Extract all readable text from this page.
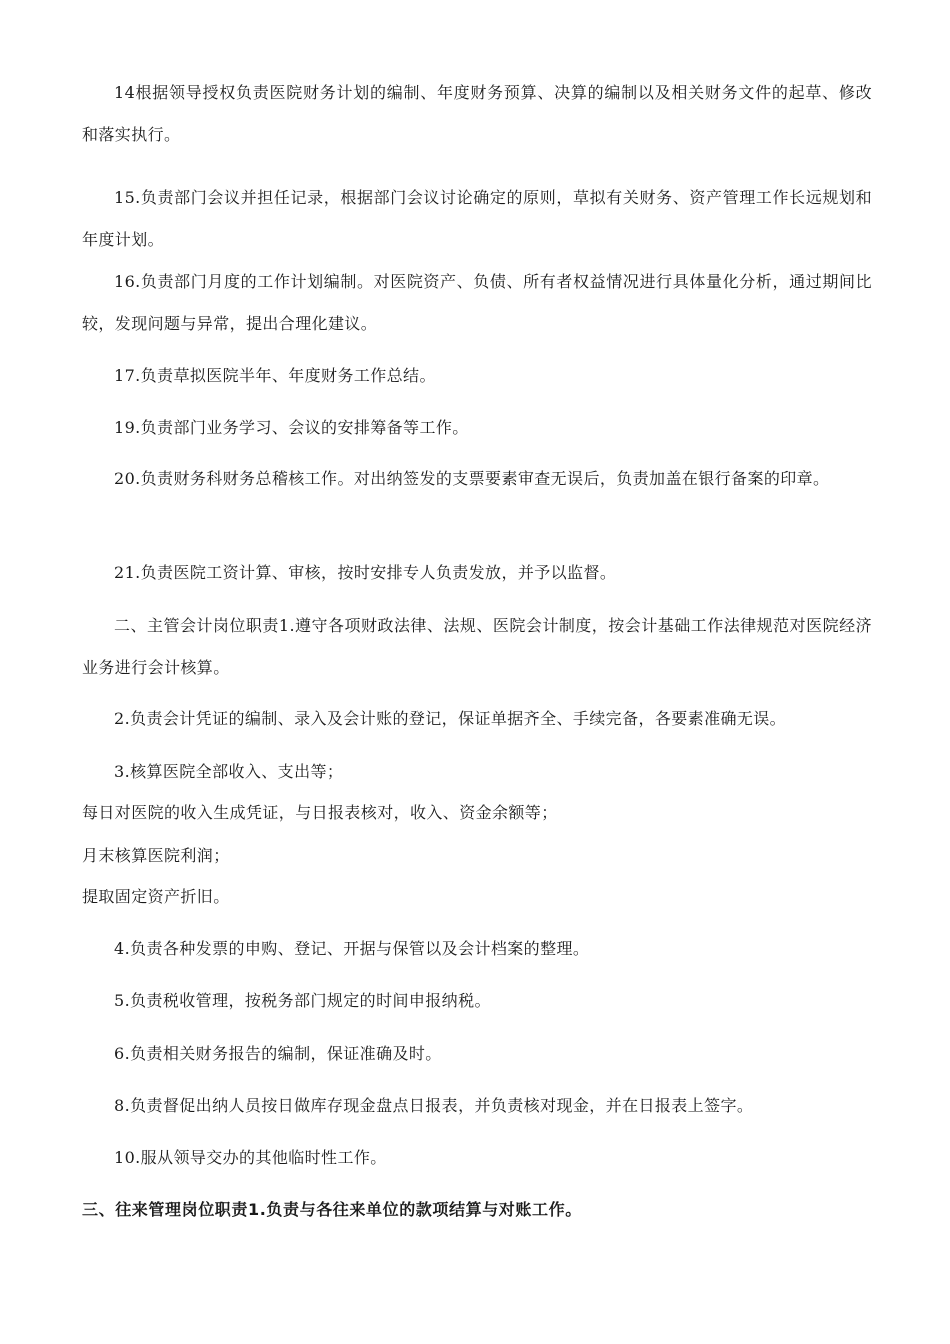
14根据领导授权负责医院财务计划的编制、年度财务预算、决算的编制以及相关财务文件的起草、修改和落实执行。

15.负责部门会议并担任记录，根据部门会议讨论确定的原则，草拟有关财务、资产管理工作长远规划和年度计划。

16.负责部门月度的工作计划编制。对医院资产、负债、所有者权益情况进行具体量化分析，通过期间比较，发现问题与异常，提出合理化建议。

17.负责草拟医院半年、年度财务工作总结。

19.负责部门业务学习、会议的安排筹备等工作。

20.负责财务科财务总稽核工作。对出纳签发的支票要素审查无误后，负责加盖在银行备案的印章。

21.负责医院工资计算、审核，按时安排专人负责发放，并予以监督。

二、主管会计岗位职责1.遵守各项财政法律、法规、医院会计制度，按会计基础工作法律规范对医院经济业务进行会计核算。

2.负责会计凭证的编制、录入及会计账的登记，保证单据齐全、手续完备，各要素准确无误。

3.核算医院全部收入、支出等；

每日对医院的收入生成凭证，与日报表核对，收入、资金余额等；

月末核算医院利润；

提取固定资产折旧。

4.负责各种发票的申购、登记、开据与保管以及会计档案的整理。

5.负责税收管理，按税务部门规定的时间申报纳税。

6.负责相关财务报告的编制，保证准确及时。

8.负责督促出纳人员按日做库存现金盘点日报表，并负责核对现金，并在日报表上签字。

10.服从领导交办的其他临时性工作。

三、往来管理岗位职责1.负责与各往来单位的款项结算与对账工作。
